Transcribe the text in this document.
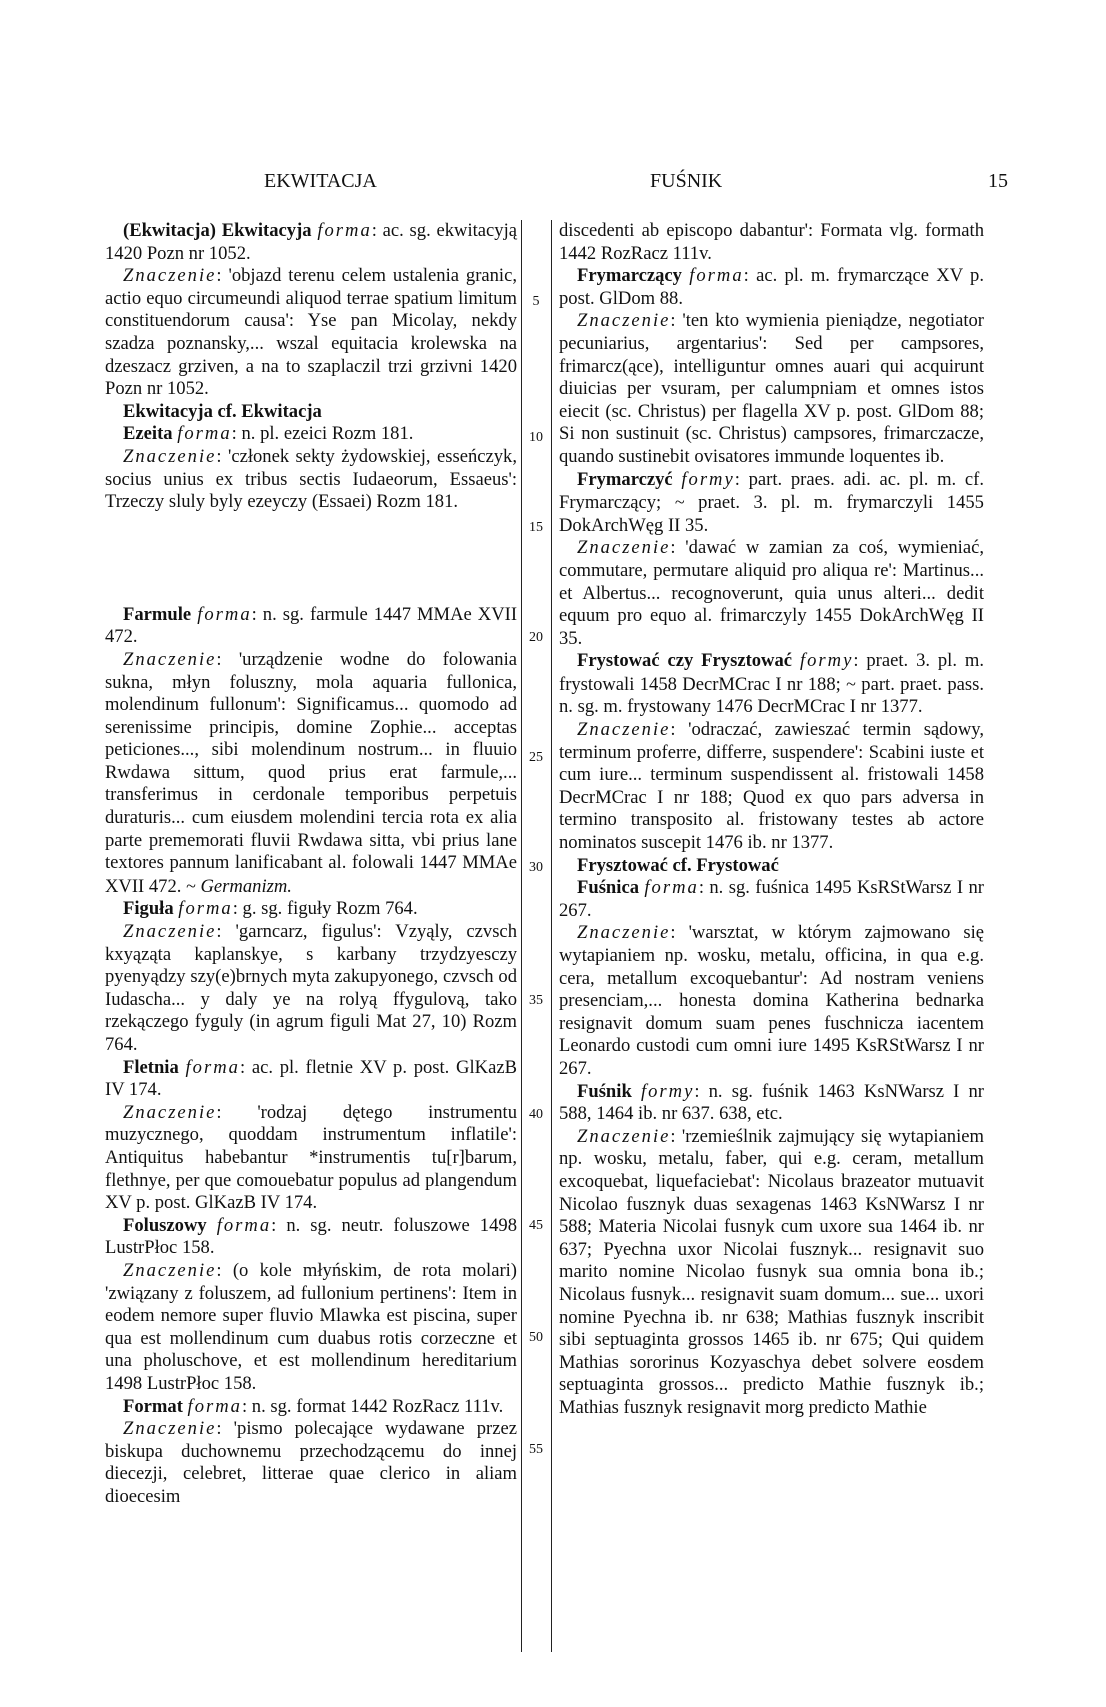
EKWITACJA	FUŚNIK	15
5
10
15
20
25
30
35
40
45
50
55

(Ekwitacja) Ekwitacyja forma: ac. sg. ekwitacyją 1420 Pozn nr 1052.

Znaczenie: 'objazd terenu celem ustalenia granic, actio equo circumeundi aliquod terrae spatium limitum constituendorum causa': Yse pan Micolay, nekdy szadza poznansky,... wszal equitacia krolewska na dzeszacz grziven, a na to szaplaczil trzi grzivni 1420 Pozn nr 1052.

Ekwitacyja cf. Ekwitacja

Ezeita forma: n. pl. ezeici Rozm 181.

Znaczenie: 'członek sekty żydowskiej, esseńczyk, socius unius ex tribus sectis Iudaeorum, Essaeus': Trzeczy sluly byly ezeyczy (Essaei) Rozm 181.

Farmule forma: n. sg. farmule 1447 MMAe XVII 472.

Znaczenie: 'urządzenie wodne do folowania sukna, młyn foluszny, mola aquaria fullonica, molendinum fullonum': Significamus... quomodo ad serenissime principis, domine Zophie... acceptas peticiones..., sibi molendinum nostrum... in fluuio Rwdawa sittum, quod prius erat farmule,... transferimus in cerdonale temporibus perpetuis duraturis... cum eiusdem molendini tercia rota ex alia parte prememorati fluvii Rwdawa sitta, vbi prius lane textores pannum lanificabant al. folowali 1447 MMAe XVII 472. ~ Germanizm.

Figuła forma: g. sg. figuły Rozm 764.

Znaczenie: 'garncarz, figulus': Vzyąly, czvsch kxyąząta kaplanskye, s karbany trzydzyesczy pyenyądzy szy(e)brnych myta zakupyonego, czvsch od Iudascha... y daly ye na rolyą ffygulovą, tako rzekączego fyguly (in agrum figuli Mat 27, 10) Rozm 764.

Fletnia forma: ac. pl. fletnie XV p. post. GlKazB IV 174.

Znaczenie: 'rodzaj dętego instrumentu muzycznego, quoddam instrumentum inflatile': Antiquitus habebantur *instrumentis tu[r]barum, flethnye, per que comouebatur populus ad plangendum XV p. post. GlKazB IV 174.

Foluszowy forma: n. sg. neutr. foluszowe 1498 LustrPłoc 158.

Znaczenie: (o kole młyńskim, de rota molari) 'związany z foluszem, ad fullonium pertinens': Item in eodem nemore super fluvio Mlawka est piscina, super qua est mollendinum cum duabus rotis corzeczne et una pholuschove, et est mollendinum hereditarium 1498 LustrPłoc 158.

Format forma: n. sg. format 1442 RozRacz 111v.

Znaczenie: 'pismo polecające wydawane przez biskupa duchownemu przechodzącemu do innej diecezji, celebret, litterae quae clerico in aliam dioecesim

discedenti ab episcopo dabantur': Formata vlg. formath 1442 RozRacz 111v.

Frymarczący forma: ac. pl. m. frymarczące XV p. post. GlDom 88.

Znaczenie: 'ten kto wymienia pieniądze, negotiator pecuniarius, argentarius': Sed per campsores, frimarcz(ące), intelliguntur omnes auari qui acquirunt diuicias per vsuram, per calumpniam et omnes istos eiecit (sc. Christus) per flagella XV p. post. GlDom 88; Si non sustinuit (sc. Christus) campsores, frimarczacze, quando sustinebit ovisatores immunde loquentes ib.

Frymarczyć formy: part. praes. adi. ac. pl. m. cf. Frymarczący; ~ praet. 3. pl. m. frymarczyli 1455 DokArchWęg II 35.

Znaczenie: 'dawać w zamian za coś, wymieniać, commutare, permutare aliquid pro aliqua re': Martinus... et Albertus... recognoverunt, quia unus alteri... dedit equum pro equo al. frimarczyly 1455 DokArchWęg II 35.

Frystować czy Frysztować formy: praet. 3. pl. m. frystowali 1458 DecrMCrac I nr 188; ~ part. praet. pass. n. sg. m. frystowany 1476 DecrMCrac I nr 1377.

Znaczenie: 'odraczać, zawieszać termin sądowy, terminum proferre, differre, suspendere': Scabini iuste et cum iure... terminum suspendissent al. fristowali 1458 DecrMCrac I nr 188; Quod ex quo pars adversa in termino transposito al. fristowany testes ab actore nominatos suscepit 1476 ib. nr 1377.

Frysztować cf. Frystować

Fuśnica forma: n. sg. fuśnica 1495 KsRStWarsz I nr 267.

Znaczenie: 'warsztat, w którym zajmowano się wytapianiem np. wosku, metalu, officina, in qua e.g. cera, metallum excoquebantur': Ad nostram veniens presenciam,... honesta domina Katherina bednarka resignavit domum suam penes fuschnicza iacentem Leonardo custodi cum omni iure 1495 KsRStWarsz I nr 267.

Fuśnik formy: n. sg. fuśnik 1463 KsNWarsz I nr 588, 1464 ib. nr 637. 638, etc.

Znaczenie: 'rzemieślnik zajmujący się wytapianiem np. wosku, metalu, faber, qui e.g. ceram, metallum excoquebat, liquefaciebat': Nicolaus brazeator mutuavit Nicolao fusznyk duas sexagenas 1463 KsNWarsz I nr 588; Materia Nicolai fusnyk cum uxore sua 1464 ib. nr 637; Pyechna uxor Nicolai fusznyk... resignavit suo marito nomine Nicolao fusnyk sua omnia bona ib.; Nicolaus fusnyk... resignavit suam domum... sue... uxori nomine Pyechna ib. nr 638; Mathias fusznyk inscribit sibi septuaginta grossos 1465 ib. nr 675; Qui quidem Mathias sororinus Kozyaschya debet solvere eosdem septuaginta grossos... predicto Mathie fusznyk ib.; Mathias fusznyk resignavit morg predicto Mathie
